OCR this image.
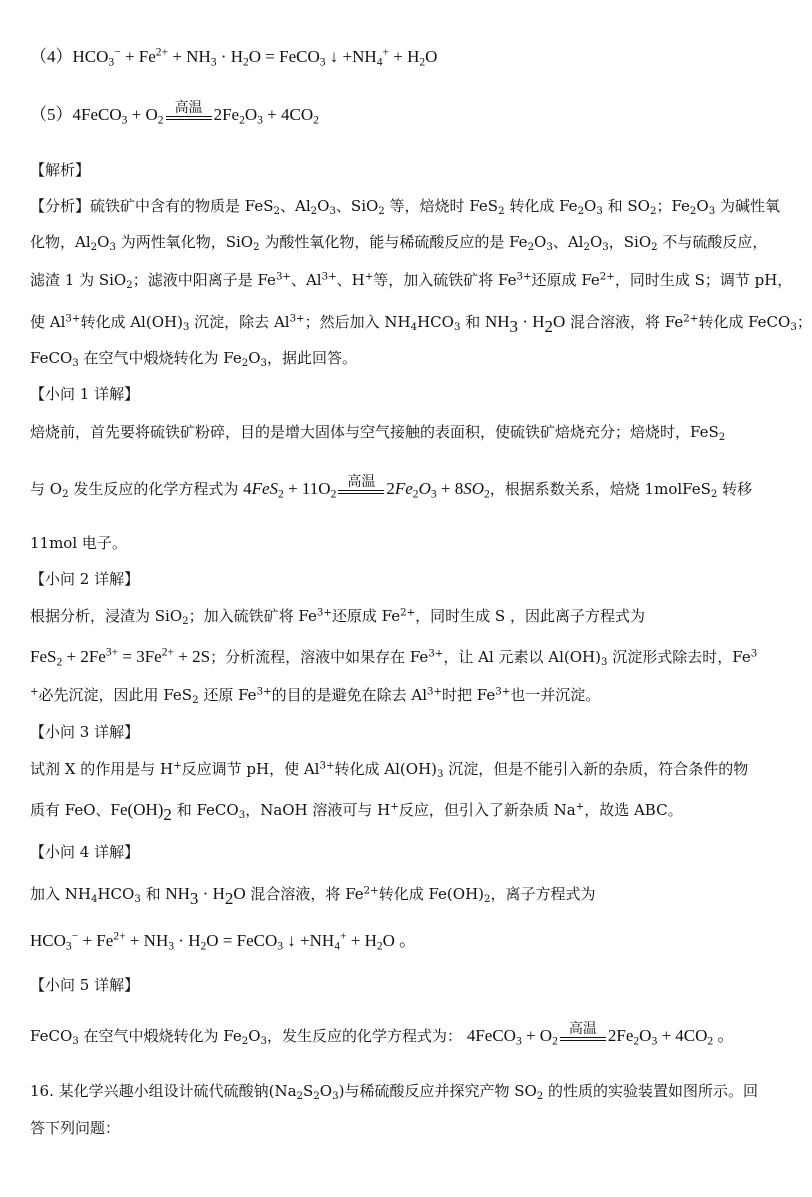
$(4)HCO_3^- + Fe^{2+} + NH_3 \cdot H_2O$ = FeCO$_3$ ↓ $+NH_4^+ + H_2O$
（5）4FeCO$_3$ + $O_2$
高温 $2Fe_2O_3 + 4CO_2$
【解析】
【分析】硫铁矿中含有的物质是 FeS$_2$、$Al_2O_3$、SiO$_2$ 等，焙烧时 FeS$_2$ 转化成 $Fe_2O_3$ 和 $SO_2$；$Fe_2O_3$ 为碱性氧
化物，$Al_2O_3$ 为两性氧化物，SiO$_2$ 为酸性氧化物，能与稀硫酸反应的是 $Fe_2O_3$、$Al_2O_3$，SiO$_2$ 不与硫酸反应，
滤渣 1 为 SiO$_2$；滤液中阳离子是 $Fe^{3+}$、$Al^{3+}$、H+等，加入硫铁矿将 $Fe^{3+}$还原成 $Fe^{2+}$，同时生成 S；调节 pH，
使 $Al^{3+}$转化成 $Al(OH)_3$ 沉淀，除去 $Al^{3+}$；然后加入 $NH_4HCO_3$ 和 $NH_3 \cdot H_2O$ 混合溶液，将 $Fe^{2+}$转化成 FeCO$_3$；
FeCO$_3$ 在空气中煅烧转化为 $Fe_2O_3$，据此回答。
【小问 1 详解】
焙烧前，首先要将硫铁矿粉碎，目的是增大固体与空气接触的表面积，使硫铁矿焙烧充分；焙烧时，FeS$_2$
与 $O_2$ 发生反应的化学方程式为 $4FeS_2 + 11O_2$
高温 $2Fe_2O_3 + 8SO_2$，根据系数关系，焙烧 1molFeS$_2$ 转移
11mol 电子。
【小问 2 详解】
根据分析，浸渣为 SiO$_2$；加入硫铁矿将 $Fe^{3+}$还原成 $Fe^{2+}$，同时生成 S ，因此离子方程式为
$FeS_2 + 2Fe^{3+} = 3Fe^{2+} + 2S$；分析流程，溶液中如果存在 $Fe^{3+}$，让 Al 元素以 $Al(OH)_3$ 沉淀形式除去时，Fe$^3$
+必先沉淀，因此用 FeS$_2$ 还原 $Fe^{3+}$的目的是避免在除去 $Al^{3+}$时把 $Fe^{3+}$也一并沉淀。
【小问 3 详解】
试剂 X 的作用是与 H+反应调节 pH，使 $Al^{3+}$转化成 $Al(OH)_3$ 沉淀，但是不能引入新的杂质，符合条件的物
质有 FeO、$Fe(OH)_2$ 和 FeCO$_3$，NaOH 溶液可与 H+反应，但引入了新杂质 Na+，故选 ABC。
【小问 4 详解】
加入 $NH_4HCO_3$ 和 $NH_3 \cdot H_2O$ 混合溶液，将 $Fe^{2+}$转化成 $Fe(OH)_2$，离子方程式为
$HCO_3^- + Fe^{2+} + NH_3 \cdot H_2O$ = FeCO$_3$ ↓ $+NH_4^+ + H_2O$ 。
【小问 5 详解】
FeCO$_3$ 在空气中煅烧转化为 $Fe_2O_3$，发生反应的化学方程式为： 4FeCO$_3$ + $O_2$
高温 $2Fe_2O_3 + 4CO_2$ 。
16. 某化学兴趣小组设计硫代硫酸钠$(Na_2S_2O_3)$与稀硫酸反应并探究产物 $SO_2$ 的性质的实验装置如图所示。回
答下列问题：
